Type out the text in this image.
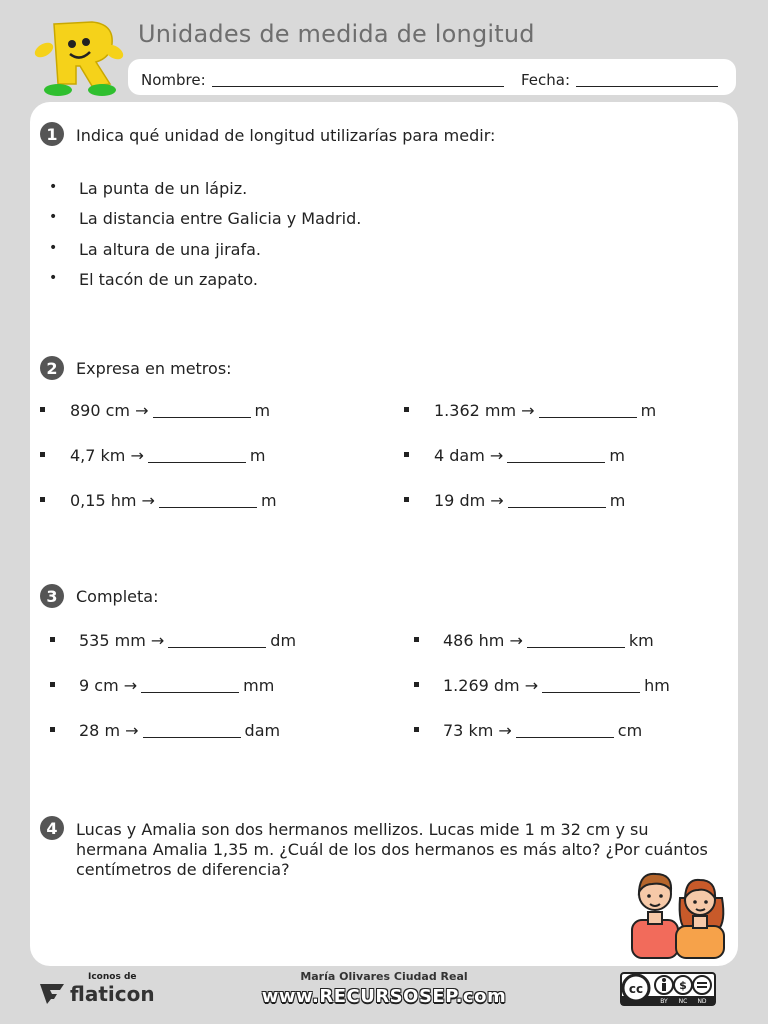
Unidades de medida de longitud
Nombre:	Fecha:
1	Indica qué unidad de longitud utilizarías para medir:
• La punta de un lápiz.
• La distancia entre Galicia y Madrid.
• La altura de una jirafa.
• El tacón de un zapato.
2	Expresa en metros:
890 cm →	m	1.362 mm →	m
4,7 km →	m	4 dam →	m
0,15 hm →	m	19 dm →	m
3	Completa:
535 mm →	dm	486 hm →	km
9 cm →	mm	1.269 dm →	hm
28 m →	dam	73 km →	cm
4	Lucas y Amalia son dos hermanos mellizos. Lucas mide 1 m 32 cm y su hermana Amalia 1,35 m. ¿Cuál de los dos hermanos es más alto? ¿Por cuántos centímetros de diferencia?
Iconos de
flaticon
María Olivares Ciudad Real
www.RECURSOSEP.com	cc	$
BY NC ND
